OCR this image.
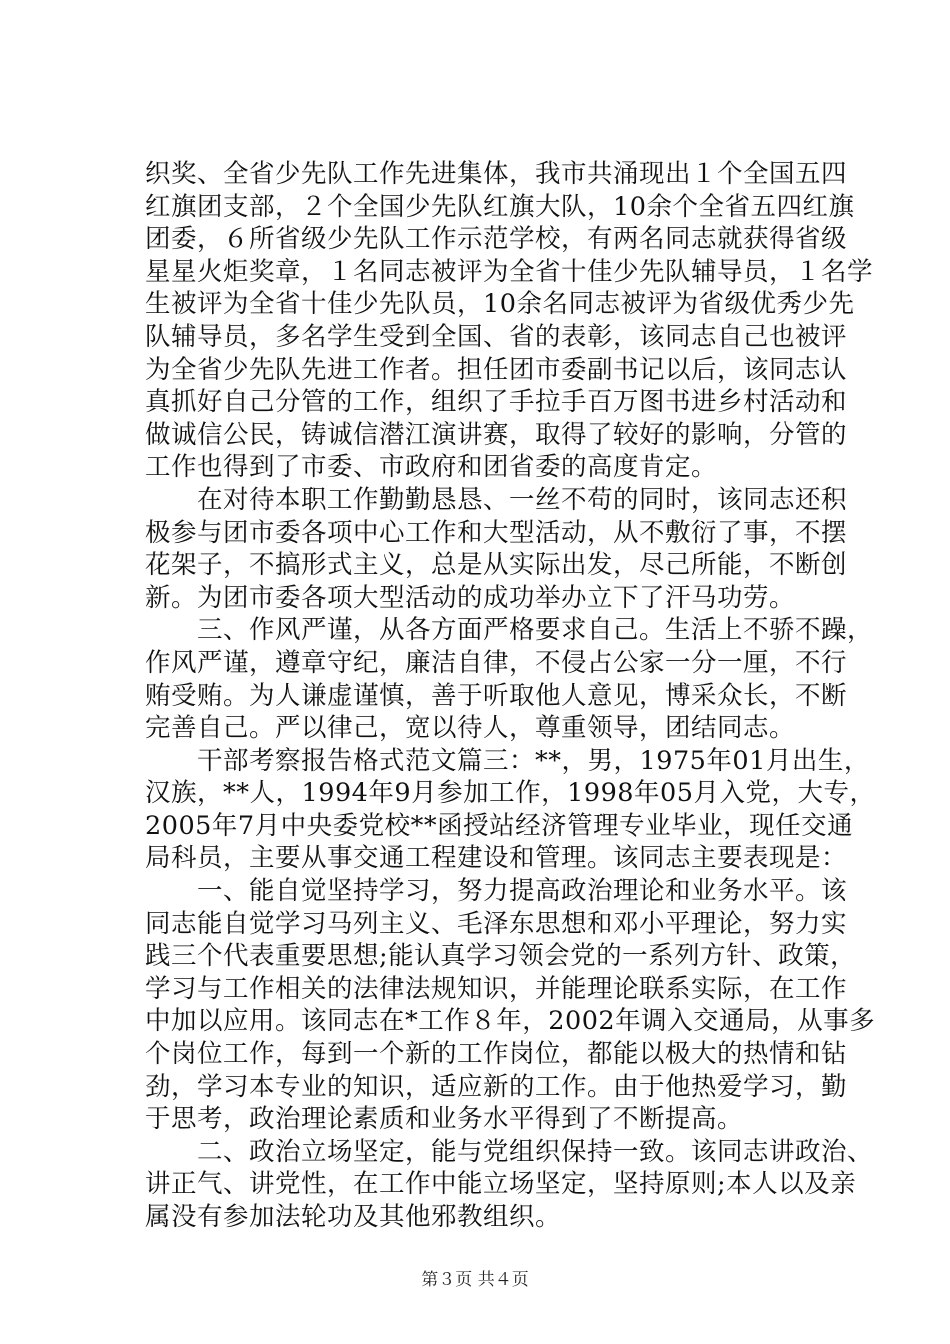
织奖、全省少先队工作先进集体，我市共涌现出１个全国五四
红旗团支部，２个全国少先队红旗大队，10余个全省五四红旗
团委，６所省级少先队工作示范学校，有两名同志就获得省级
星星火炬奖章，１名同志被评为全省十佳少先队辅导员，１名学
生被评为全省十佳少先队员，10余名同志被评为省级优秀少先
队辅导员，多名学生受到全国、省的表彰，该同志自己也被评
为全省少先队先进工作者。担任团市委副书记以后，该同志认
真抓好自己分管的工作，组织了手拉手百万图书进乡村活动和
做诚信公民，铸诚信潜江演讲赛，取得了较好的影响，分管的
工作也得到了市委、市政府和团省委的高度肯定。
　　在对待本职工作勤勤恳恳、一丝不苟的同时，该同志还积
极参与团市委各项中心工作和大型活动，从不敷衍了事，不摆
花架子，不搞形式主义，总是从实际出发，尽己所能，不断创
新。为团市委各项大型活动的成功举办立下了汗马功劳。
　　三、作风严谨，从各方面严格要求自己。生活上不骄不躁，
作风严谨，遵章守纪，廉洁自律，不侵占公家一分一厘，不行
贿受贿。为人谦虚谨慎，善于听取他人意见，博采众长，不断
完善自己。严以律己，宽以待人，尊重领导，团结同志。
　　干部考察报告格式范文篇三：**，男，1975年01月出生，
汉族，**人，1994年9月参加工作，1998年05月入党，大专，
2005年7月中央委党校**函授站经济管理专业毕业，现任交通
局科员，主要从事交通工程建设和管理。该同志主要表现是：
　　一、能自觉坚持学习，努力提高政治理论和业务水平。该
同志能自觉学习马列主义、毛泽东思想和邓小平理论，努力实
践三个代表重要思想;能认真学习领会党的一系列方针、政策，
学习与工作相关的法律法规知识，并能理论联系实际，在工作
中加以应用。该同志在*工作８年，2002年调入交通局，从事多
个岗位工作，每到一个新的工作岗位，都能以极大的热情和钻
劲，学习本专业的知识，适应新的工作。由于他热爱学习，勤
于思考，政治理论素质和业务水平得到了不断提高。
　　二、政治立场坚定，能与党组织保持一致。该同志讲政治、
讲正气、讲党性，在工作中能立场坚定，坚持原则;本人以及亲
属没有参加法轮功及其他邪教组织。
第３页 共４页
